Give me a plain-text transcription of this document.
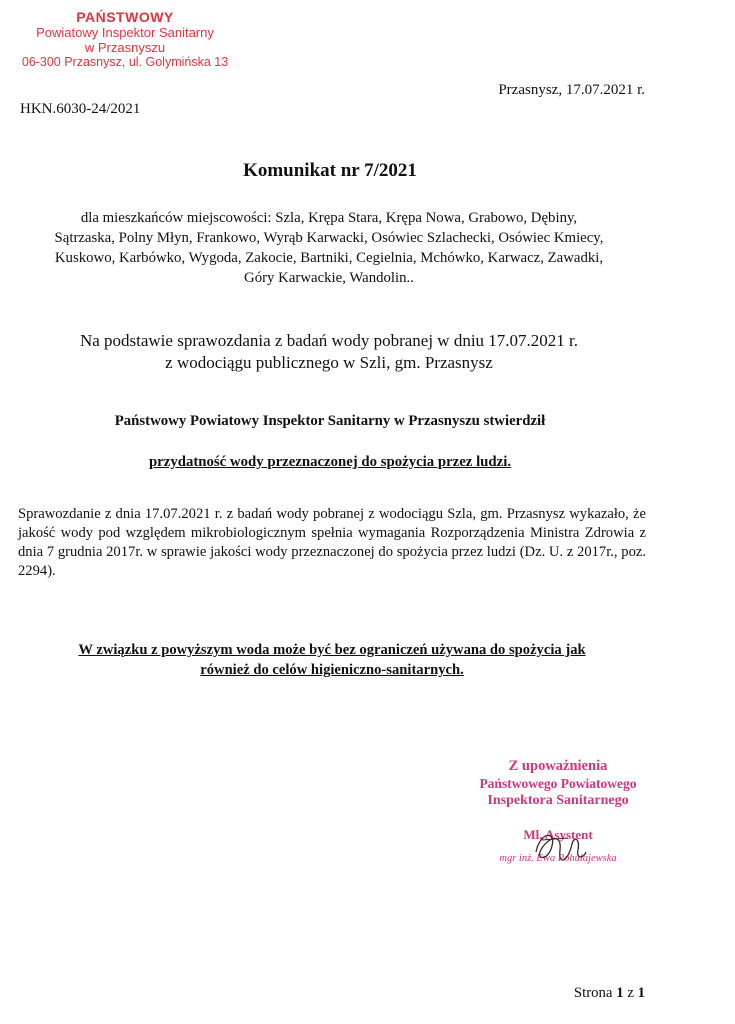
PAŃSTWOWY
Powiatowy Inspektor Sanitarny
w Przasnyszu
06-300 Przasnysz, ul. Golymińska 13
Przasnysz, 17.07.2021 r.
HKN.6030-24/2021
Komunikat nr 7/2021
dla mieszkańców miejscowości: Szla, Krępa Stara, Krępa Nowa, Grabowo, Dębiny,
Sątrzaska, Polny Młyn, Frankowo, Wyrąb Karwacki, Osówiec Szlachecki, Osówiec Kmiecy,
Kuskowo, Karbówko, Wygoda, Zakocie, Bartniki, Cegielnia, Mchówko, Karwacz, Zawadki,
Góry Karwackie, Wandolin..
Na podstawie sprawozdania z badań wody pobranej w dniu 17.07.2021 r.
z wodociągu publicznego w Szli, gm. Przasnysz
Państwowy Powiatowy Inspektor Sanitarny w Przasnyszu stwierdził
przydatność wody przeznaczonej do spożycia przez ludzi.
Sprawozdanie z dnia 17.07.2021 r. z badań wody pobranej z wodociągu Szla, gm. Przasnysz wykazało, że jakość wody pod względem mikrobiologicznym spełnia wymagania Rozporządzenia Ministra Zdrowia z dnia 7 grudnia 2017r. w sprawie jakości wody przeznaczonej do spożycia przez ludzi (Dz. U. z 2017r., poz. 2294).
W związku z powyższym woda może być bez ograniczeń używana do spożycia jak
również do celów higieniczno-sanitarnych.
Z upoważnienia
Państwowego Powiatowego
Inspektora Sanitarnego
Ml. Asystent
mgr inż. Ewa Pohulajewska
Strona 1 z 1
